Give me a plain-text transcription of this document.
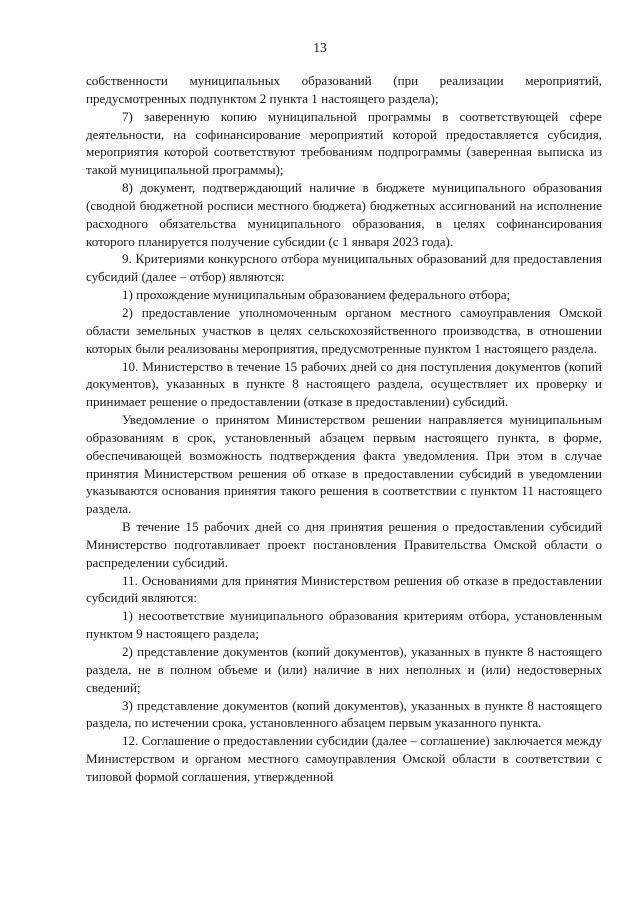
13

собственности муниципальных образований (при реализации мероприятий, предусмотренных подпунктом 2 пункта 1 настоящего раздела);

7) заверенную копию муниципальной программы в соответствующей сфере деятельности, на софинансирование мероприятий которой предоставляется субсидия, мероприятия которой соответствуют требованиям подпрограммы (заверенная выписка из такой муниципальной программы);

8) документ, подтверждающий наличие в бюджете муниципального образования (сводной бюджетной росписи местного бюджета) бюджетных ассигнований на исполнение расходного обязательства муниципального образования, в целях софинансирования которого планируется получение субсидии (с 1 января 2023 года).

9. Критериями конкурсного отбора муниципальных образований для предоставления субсидий (далее – отбор) являются:

1) прохождение муниципальным образованием федерального отбора;

2) предоставление уполномоченным органом местного самоуправления Омской области земельных участков в целях сельскохозяйственного производства, в отношении которых были реализованы мероприятия, предусмотренные пунктом 1 настоящего раздела.

10. Министерство в течение 15 рабочих дней со дня поступления документов (копий документов), указанных в пункте 8 настоящего раздела, осуществляет их проверку и принимает решение о предоставлении (отказе в предоставлении) субсидий.

Уведомление о принятом Министерством решении направляется муниципальным образованиям в срок, установленный абзацем первым настоящего пункта, в форме, обеспечивающей возможность подтверждения факта уведомления. При этом в случае принятия Министерством решения об отказе в предоставлении субсидий в уведомлении указываются основания принятия такого решения в соответствии с пунктом 11 настоящего раздела.

В течение 15 рабочих дней со дня принятия решения о предоставлении субсидий Министерство подготавливает проект постановления Правительства Омской области о распределении субсидий.

11. Основаниями для принятия Министерством решения об отказе в предоставлении субсидий являются:

1) несоответствие муниципального образования критериям отбора, установленным пунктом 9 настоящего раздела;

2) представление документов (копий документов), указанных в пункте 8 настоящего раздела, не в полном объеме и (или) наличие в них неполных и (или) недостоверных сведений;

3) представление документов (копий документов), указанных в пункте 8 настоящего раздела, по истечении срока, установленного абзацем первым указанного пункта.

12. Соглашение о предоставлении субсидии (далее – соглашение) заключается между Министерством и органом местного самоуправления Омской области в соответствии с типовой формой соглашения, утвержденной
